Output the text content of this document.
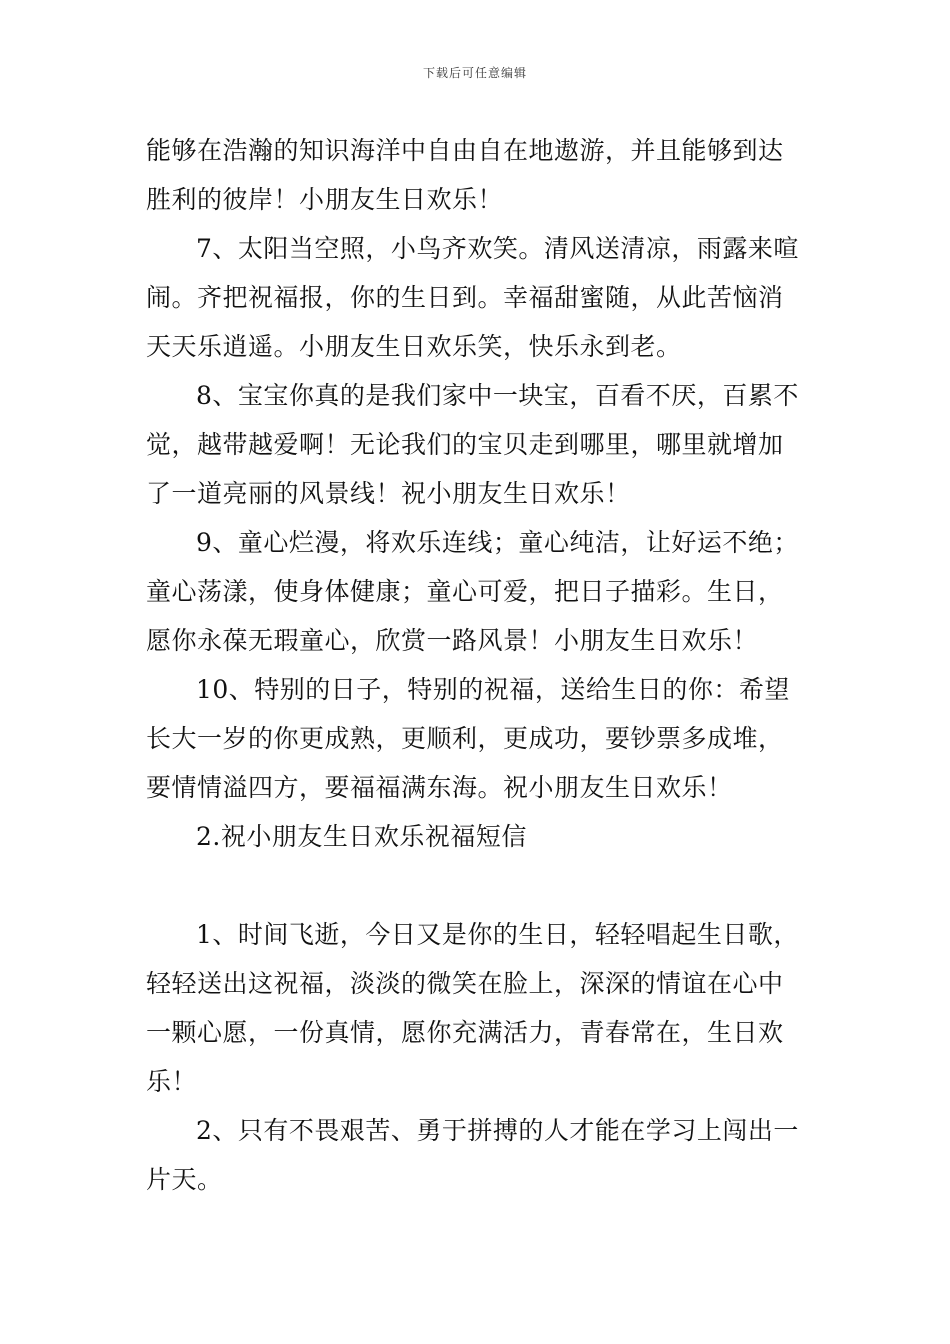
下载后可任意编辑
能够在浩瀚的知识海洋中自由自在地遨游，并且能够到达
胜利的彼岸！小朋友生日欢乐！
7、太阳当空照，小鸟齐欢笑。清风送清凉，雨露来喧
闹。齐把祝福报，你的生日到。幸福甜蜜随，从此苦恼消
天天乐逍遥。小朋友生日欢乐笑，快乐永到老。
8、宝宝你真的是我们家中一块宝，百看不厌，百累不
觉，越带越爱啊！无论我们的宝贝走到哪里，哪里就增加
了一道亮丽的风景线！祝小朋友生日欢乐！
9、童心烂漫，将欢乐连线；童心纯洁，让好运不绝；
童心荡漾，使身体健康；童心可爱，把日子描彩。生日，
愿你永葆无瑕童心，欣赏一路风景！小朋友生日欢乐！
10、特别的日子，特别的祝福，送给生日的你：希望
长大一岁的你更成熟，更顺利，更成功，要钞票多成堆，
要情情溢四方，要福福满东海。祝小朋友生日欢乐！
2.祝小朋友生日欢乐祝福短信
1、时间飞逝，今日又是你的生日，轻轻唱起生日歌，
轻轻送出这祝福，淡淡的微笑在脸上，深深的情谊在心中
一颗心愿，一份真情，愿你充满活力，青春常在，生日欢
乐！
2、只有不畏艰苦、勇于拼搏的人才能在学习上闯出一
片天。
